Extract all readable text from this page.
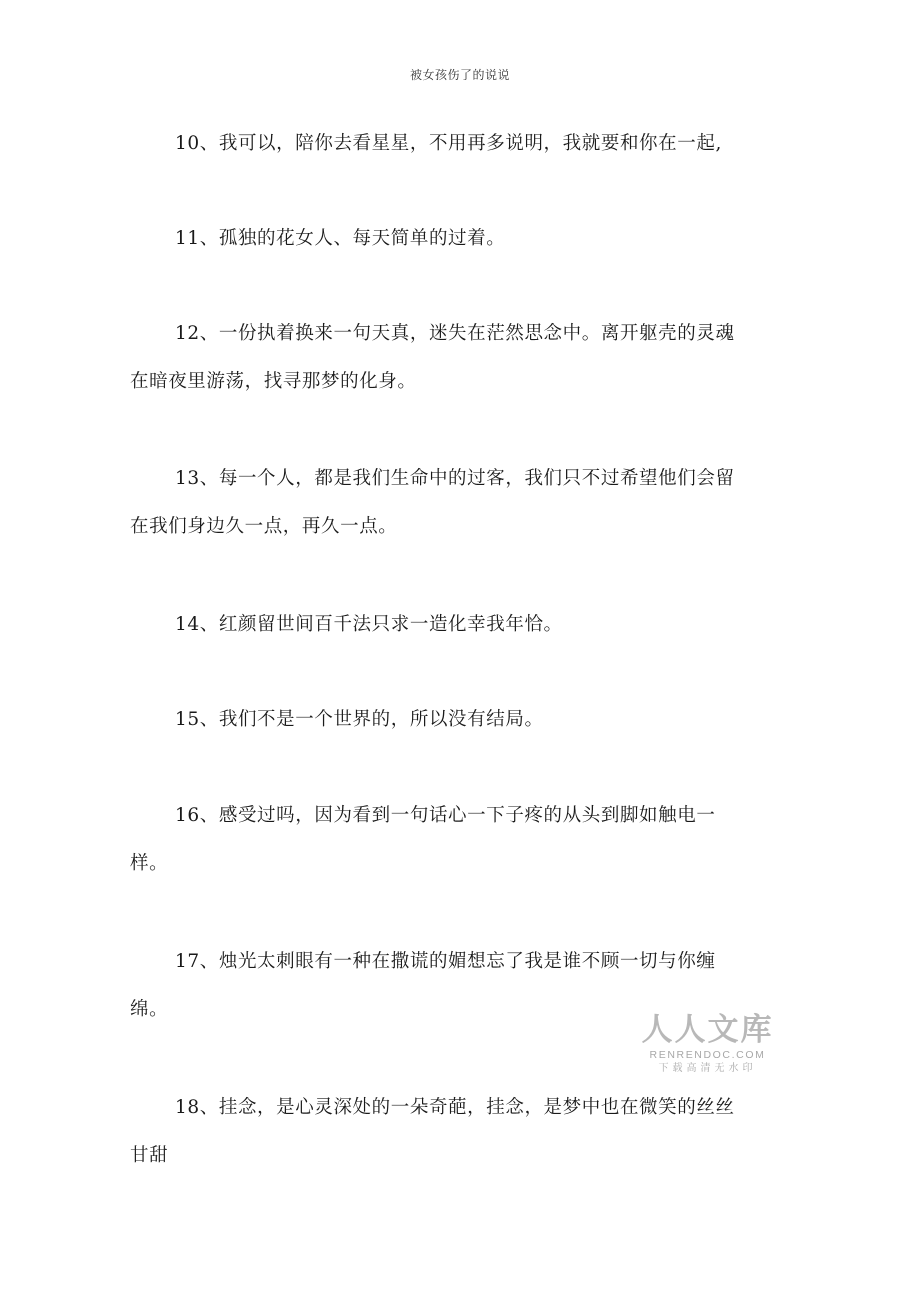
被女孩伤了的说说
10、我可以，陪你去看星星，不用再多说明，我就要和你在一起,
11、孤独的花女人、每天简单的过着。
12、一份执着换来一句天真，迷失在茫然思念中。离开躯壳的灵魂在暗夜里游荡，找寻那梦的化身。
13、每一个人，都是我们生命中的过客，我们只不过希望他们会留在我们身边久一点，再久一点。
14、红颜留世间百千法只求一造化幸我年恰。
15、我们不是一个世界的，所以没有结局。
16、感受过吗，因为看到一句话心一下子疼的从头到脚如触电一样。
17、烛光太刺眼有一种在撒谎的媚想忘了我是谁不顾一切与你缠绵。
18、挂念，是心灵深处的一朵奇葩，挂念，是梦中也在微笑的丝丝甘甜
人人文库
RENRENDOC.COM
下载高清无水印
